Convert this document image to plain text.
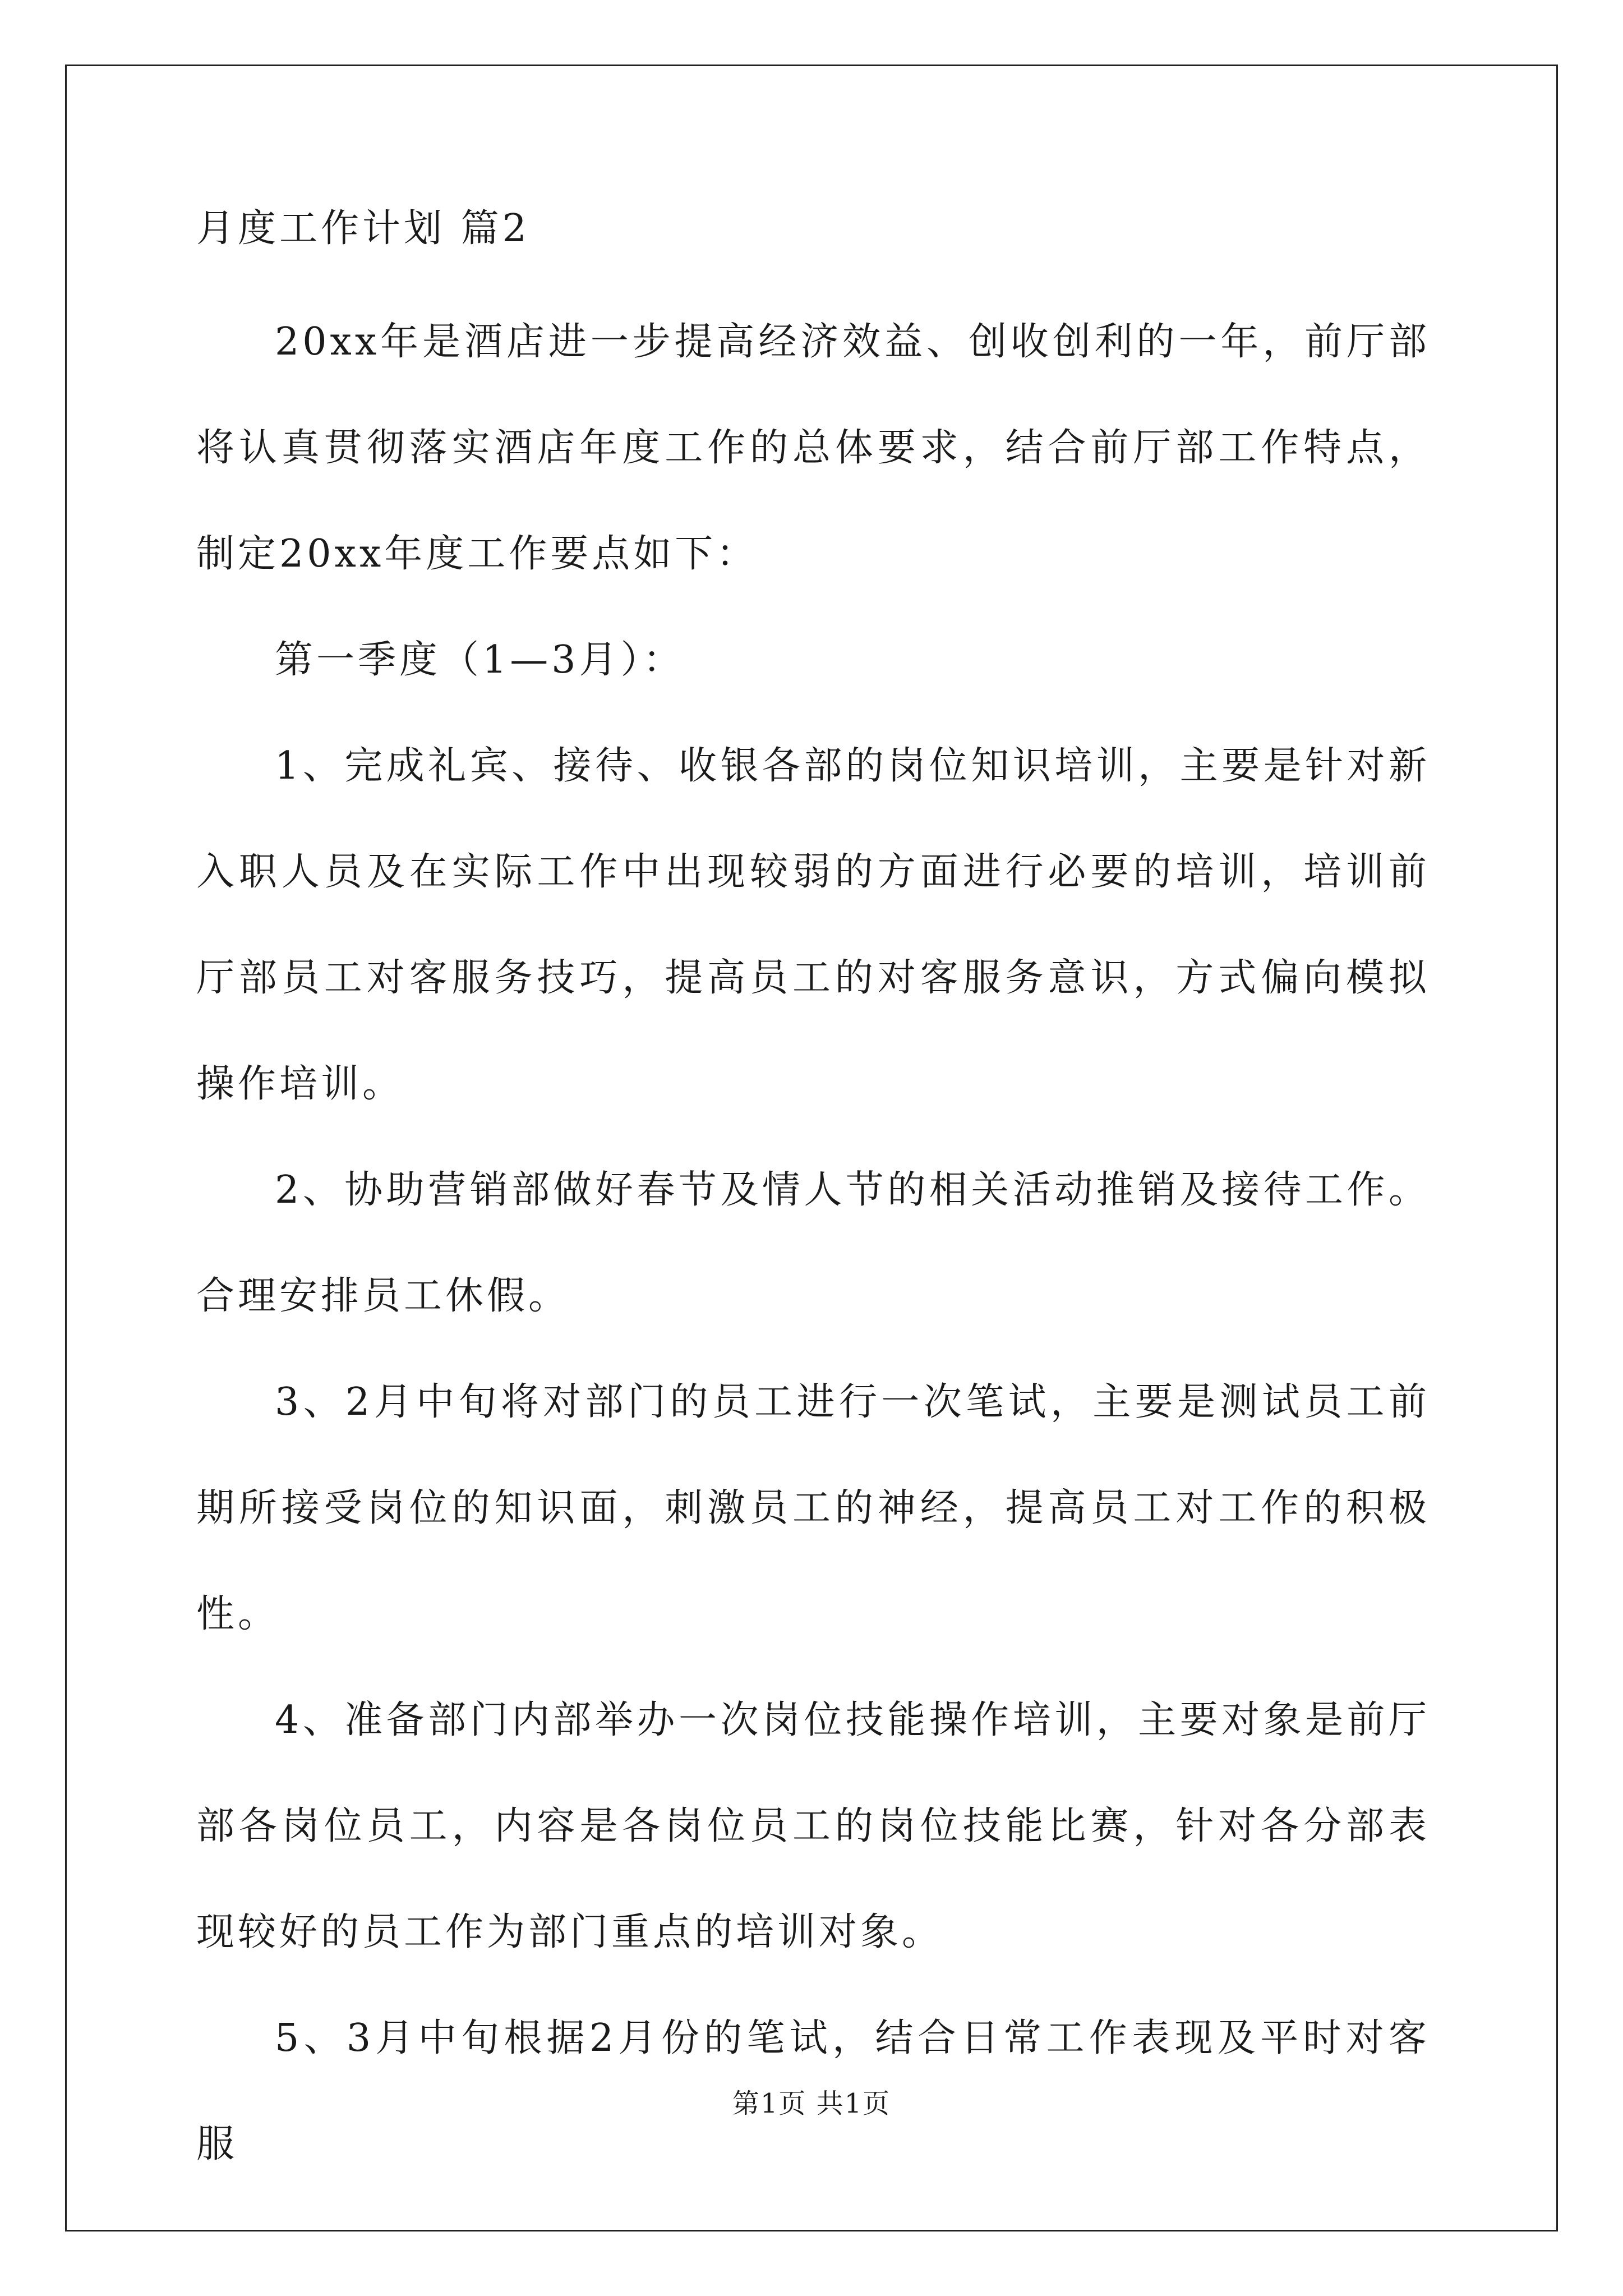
月度工作计划 篇2

20xx年是酒店进一步提高经济效益、创收创利的一年，前厅部将认真贯彻落实酒店年度工作的总体要求，结合前厅部工作特点，制定20xx年度工作要点如下：

第一季度（1—3月）：

1、完成礼宾、接待、收银各部的岗位知识培训，主要是针对新入职人员及在实际工作中出现较弱的方面进行必要的培训，培训前厅部员工对客服务技巧，提高员工的对客服务意识，方式偏向模拟操作培训。

2、协助营销部做好春节及情人节的相关活动推销及接待工作。合理安排员工休假。

3、2月中旬将对部门的员工进行一次笔试，主要是测试员工前期所接受岗位的知识面，刺激员工的神经，提高员工对工作的积极性。

4、准备部门内部举办一次岗位技能操作培训，主要对象是前厅部各岗位员工，内容是各岗位员工的岗位技能比赛，针对各分部表现较好的员工作为部门重点的培训对象。

5、3月中旬根据2月份的笔试，结合日常工作表现及平时对客服

第1页 共1页
